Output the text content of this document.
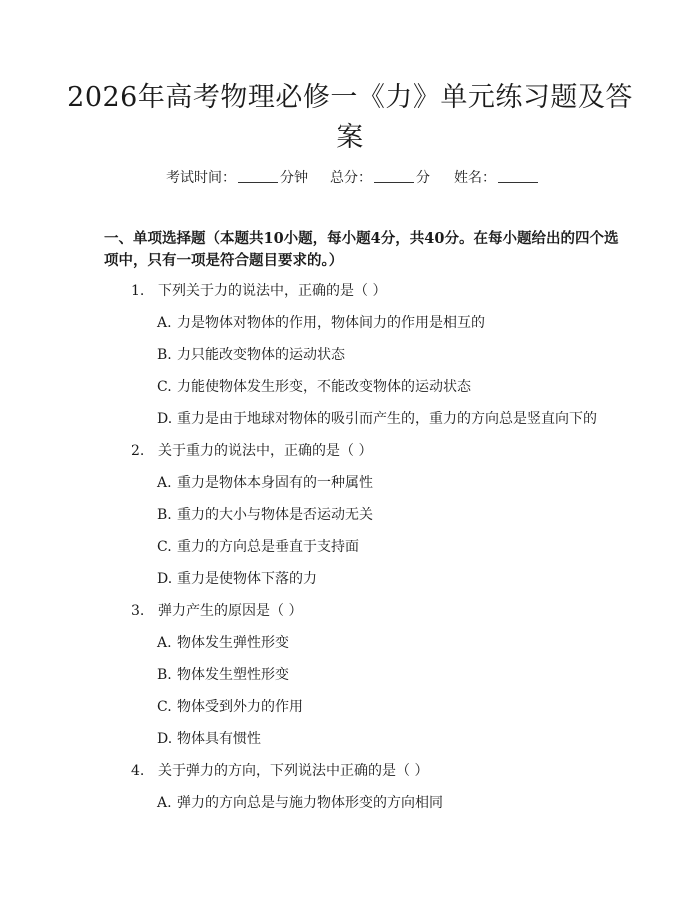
2026年高考物理必修一《力》单元练习题及答案
考试时间：	分钟 总分：	分 姓名：

一、单项选择题（本题共10小题，每小题4分，共40分。在每小题给出的四个选项中，只有一项是符合题目要求的。）

1. 下列关于力的说法中，正确的是（ ）
A. 力是物体对物体的作用，物体间力的作用是相互的
B. 力只能改变物体的运动状态
C. 力能使物体发生形变，不能改变物体的运动状态
D. 重力是由于地球对物体的吸引而产生的，重力的方向总是竖直向下的
2. 关于重力的说法中，正确的是（ ）
A. 重力是物体本身固有的一种属性
B. 重力的大小与物体是否运动无关
C. 重力的方向总是垂直于支持面
D. 重力是使物体下落的力
3. 弹力产生的原因是（ ）
A. 物体发生弹性形变
B. 物体发生塑性形变
C. 物体受到外力的作用
D. 物体具有惯性
4. 关于弹力的方向，下列说法中正确的是（ ）
A. 弹力的方向总是与施力物体形变的方向相同
